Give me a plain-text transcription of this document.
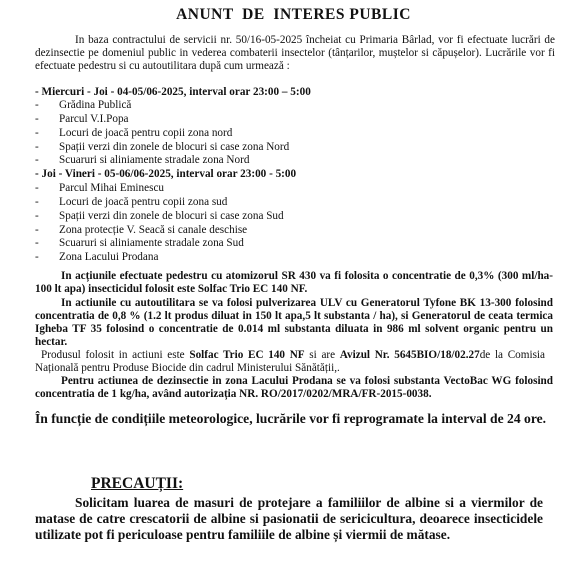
ANUNT  DE  INTERES PUBLIC
In baza contractului de servicii nr. 50/16-05-2025 încheiat cu Primaria Bârlad, vor fi efectuate lucrări de dezinsectie pe domeniul public in vederea combaterii insectelor (tânțarilor, muștelor si căpușelor). Lucrările vor fi efectuate pedestru si cu autoutilitara după cum urmează :
- Miercuri - Joi - 04-05/06-2025, interval orar 23:00 – 5:00
- Grădina Publică
- Parcul V.I.Popa
- Locuri de joacă pentru copii zona nord
- Spații verzi din zonele de blocuri si case zona Nord
- Scuaruri si aliniamente stradale zona Nord
- Joi - Vineri - 05-06/06-2025, interval orar 23:00 - 5:00
- Parcul Mihai Eminescu
- Locuri de joacă pentru copii zona sud
- Spații verzi din zonele de blocuri si case zona Sud
- Zona protecție V. Seacă si canale deschise
- Scuaruri si aliniamente stradale zona Sud
- Zona Lacului Prodana
In acțiunile efectuate pedestru cu atomizorul SR 430 va fi folosita o concentratie de 0,3% (300 ml/ha-100 lt apa) insecticidul folosit este Solfac Trio EC 140 NF.
In actiunile cu autoutilitara se va folosi pulverizarea ULV cu Generatorul Tyfone BK 13-300 folosind concentratia de 0,8 % (1.2 lt produs diluat in 150 lt apa,5 lt substanta / ha), si Generatorul de ceata termica Igheba TF 35 folosind o concentratie de 0.014 ml substanta diluata in 986 ml solvent organic pentru un hectar.
Produsul folosit in actiuni este Solfac Trio EC 140 NF si are Avizul Nr. 5645BIO/18/02.27de la Comisia Națională pentru Produse Biocide din cadrul Ministerului Sănătății,.
Pentru actiunea de dezinsectie in zona Lacului Prodana se va folosi substanta VectoBac WG folosind concentratia de 1 kg/ha, având autorizația NR. RO/2017/0202/MRA/FR-2015-0038.
În funcție de condițiile meteorologice, lucrările vor fi reprogramate la interval de 24 ore.
PRECAUȚII:
Solicitam luarea de masuri de protejare a familiilor de albine si a viermilor de matase de catre crescatorii de albine si pasionatii de sericicultura, deoarece insecticidele utilizate pot fi periculoase pentru familiile de albine și viermii de mătase.
